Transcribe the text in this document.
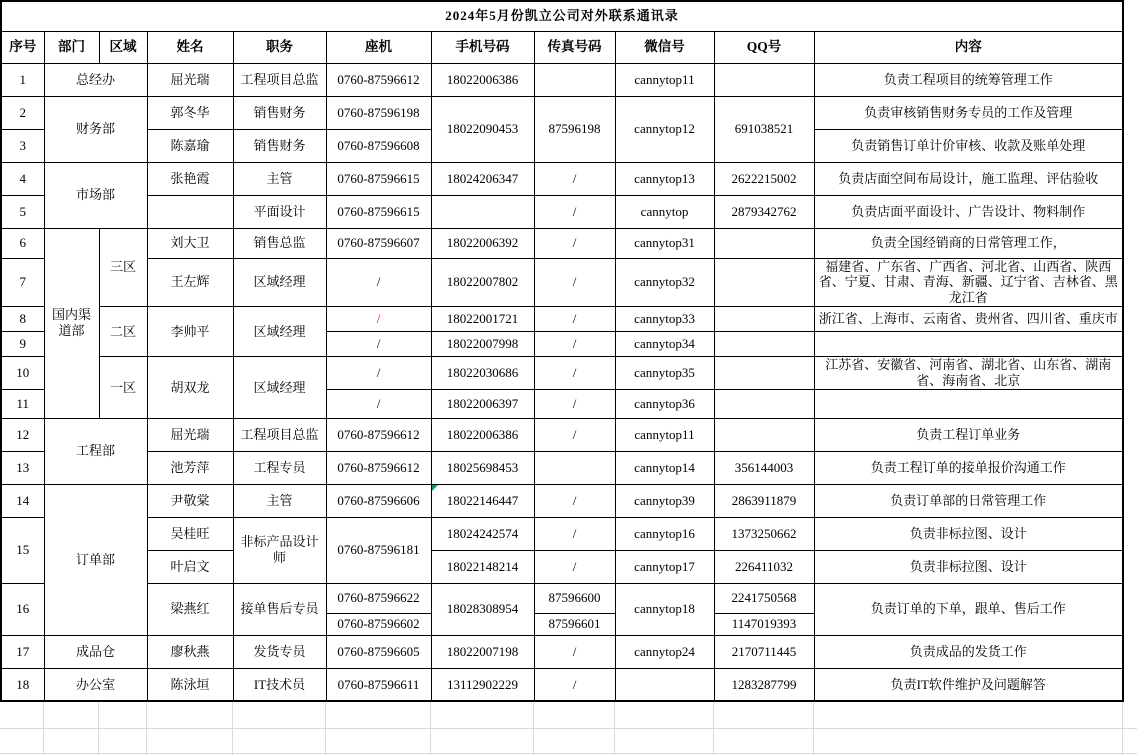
2024年5月份凯立公司对外联系通讯录										
序号	部门	区域	姓名	职务	座机	手机号码	传真号码	微信号	QQ号	内容
1	总经办		屈光瑞	工程项目总监	0760-87596612	18022006386		cannytop11		负责工程项目的统筹管理工作
2	财务部		郭冬华	销售财务	0760-87596198	18022090453	87596198	cannytop12	691038521	负责审核销售财务专员的工作及管理
3			陈嘉瑜	销售财务	0760-87596608					负责销售订单计价审核、收款及账单处理
4	市场部		张艳霞	主管	0760-87596615	18024206347	/	cannytop13	2622215002	负责店面空间布局设计，施工监理、评估验收
5				平面设计	0760-87596615		/	cannytop	2879342762	负责店面平面设计、广告设计、物料制作
6	国内渠道部	三区	刘大卫	销售总监	0760-87596607	18022006392	/	cannytop31		负责全国经销商的日常管理工作，
7			王左辉	区域经理	/	18022007802	/	cannytop32		福建省、广东省、广西省、河北省、山西省、陕西省、宁夏、甘肃、青海、新疆、辽宁省、吉林省、黑龙江省
8		二区	李帅平	区域经理	/	18022001721	/	cannytop33		浙江省、上海市、云南省、贵州省、四川省、重庆市
9					/	18022007998	/	cannytop34		
10		一区	胡双龙	区域经理	/	18022030686	/	cannytop35		江苏省、安徽省、河南省、湖北省、山东省、湖南省、海南省、北京
11					/	18022006397	/	cannytop36		
12	工程部		屈光瑞	工程项目总监	0760-87596612	18022006386	/	cannytop11		负责工程订单业务
13			池芳萍	工程专员	0760-87596612	18025698453		cannytop14	356144003	负责工程订单的接单报价沟通工作
14	订单部		尹敬棠	主管	0760-87596606	18022146447	/	cannytop39	2863911879	负责订单部的日常管理工作
15			吴桂旺	非标产品设计师	0760-87596181	18024242574	/	cannytop16	1373250662	负责非标拉图、设计
			叶启文			18022148214	/	cannytop17	226411032	负责非标拉图、设计
16			梁燕红	接单售后专员	0760-87596622	18028308954	87596600	cannytop18	2241750568	负责订单的下单，跟单、售后工作
					0760-87596602		87596601		1147019393	
17	成品仓		廖秋燕	发货专员	0760-87596605	18022007198	/	cannytop24	2170711445	负责成品的发货工作
18	办公室		陈泳垣	IT技术员	0760-87596611	13112902229	/		1283287799	负责IT软件维护及问题解答
